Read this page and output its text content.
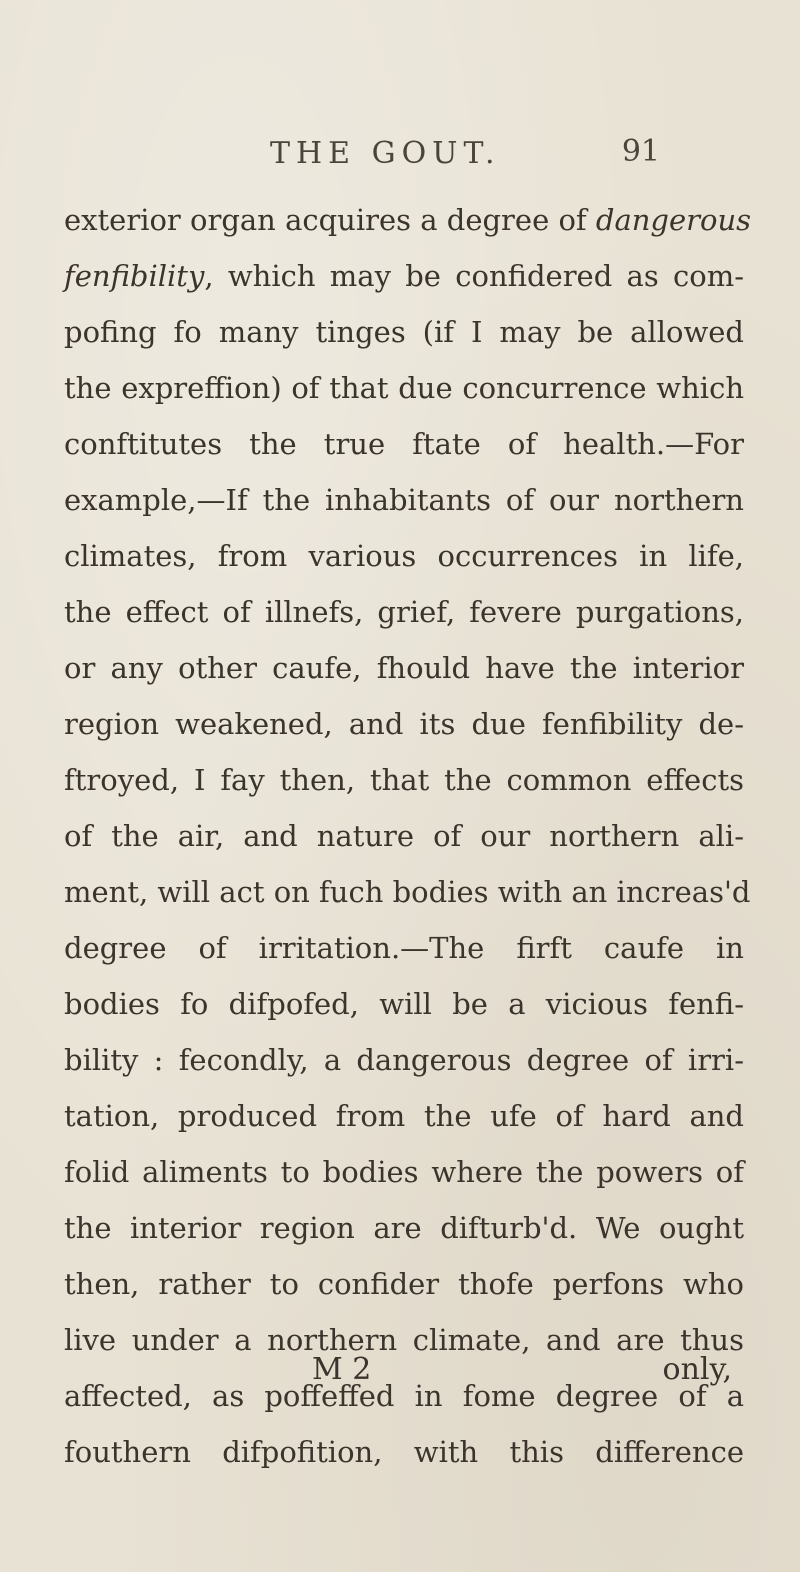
THE GOUT.	91
exterior organ acquires a degree of dangerous
fenfibility, which may be confidered as com-
pofing fo many tinges (if I may be allowed
the expreffion) of that due concurrence which
conftitutes the true ftate of health.—For
example,—If the inhabitants of our northern
climates, from various occurrences in life,
the effect of illnefs, grief, fevere purgations,
or any other caufe, fhould have the interior
region weakened, and its due fenfibility de-
ftroyed, I fay then, that the common effects
of the air, and nature of our northern ali-
ment, will act on fuch bodies with an increas'd
degree of irritation.—The firft caufe in
bodies fo difpofed, will be a vicious fenfi-
bility : fecondly, a dangerous degree of irri-
tation, produced from the ufe of hard and
folid aliments to bodies where the powers of
the interior region are difturb'd. We ought
then, rather to confider thofe perfons who
live under a northern climate, and are thus
affected, as poffeffed in fome degree of a
fouthern difpofition, with this difference
M 2	only,
